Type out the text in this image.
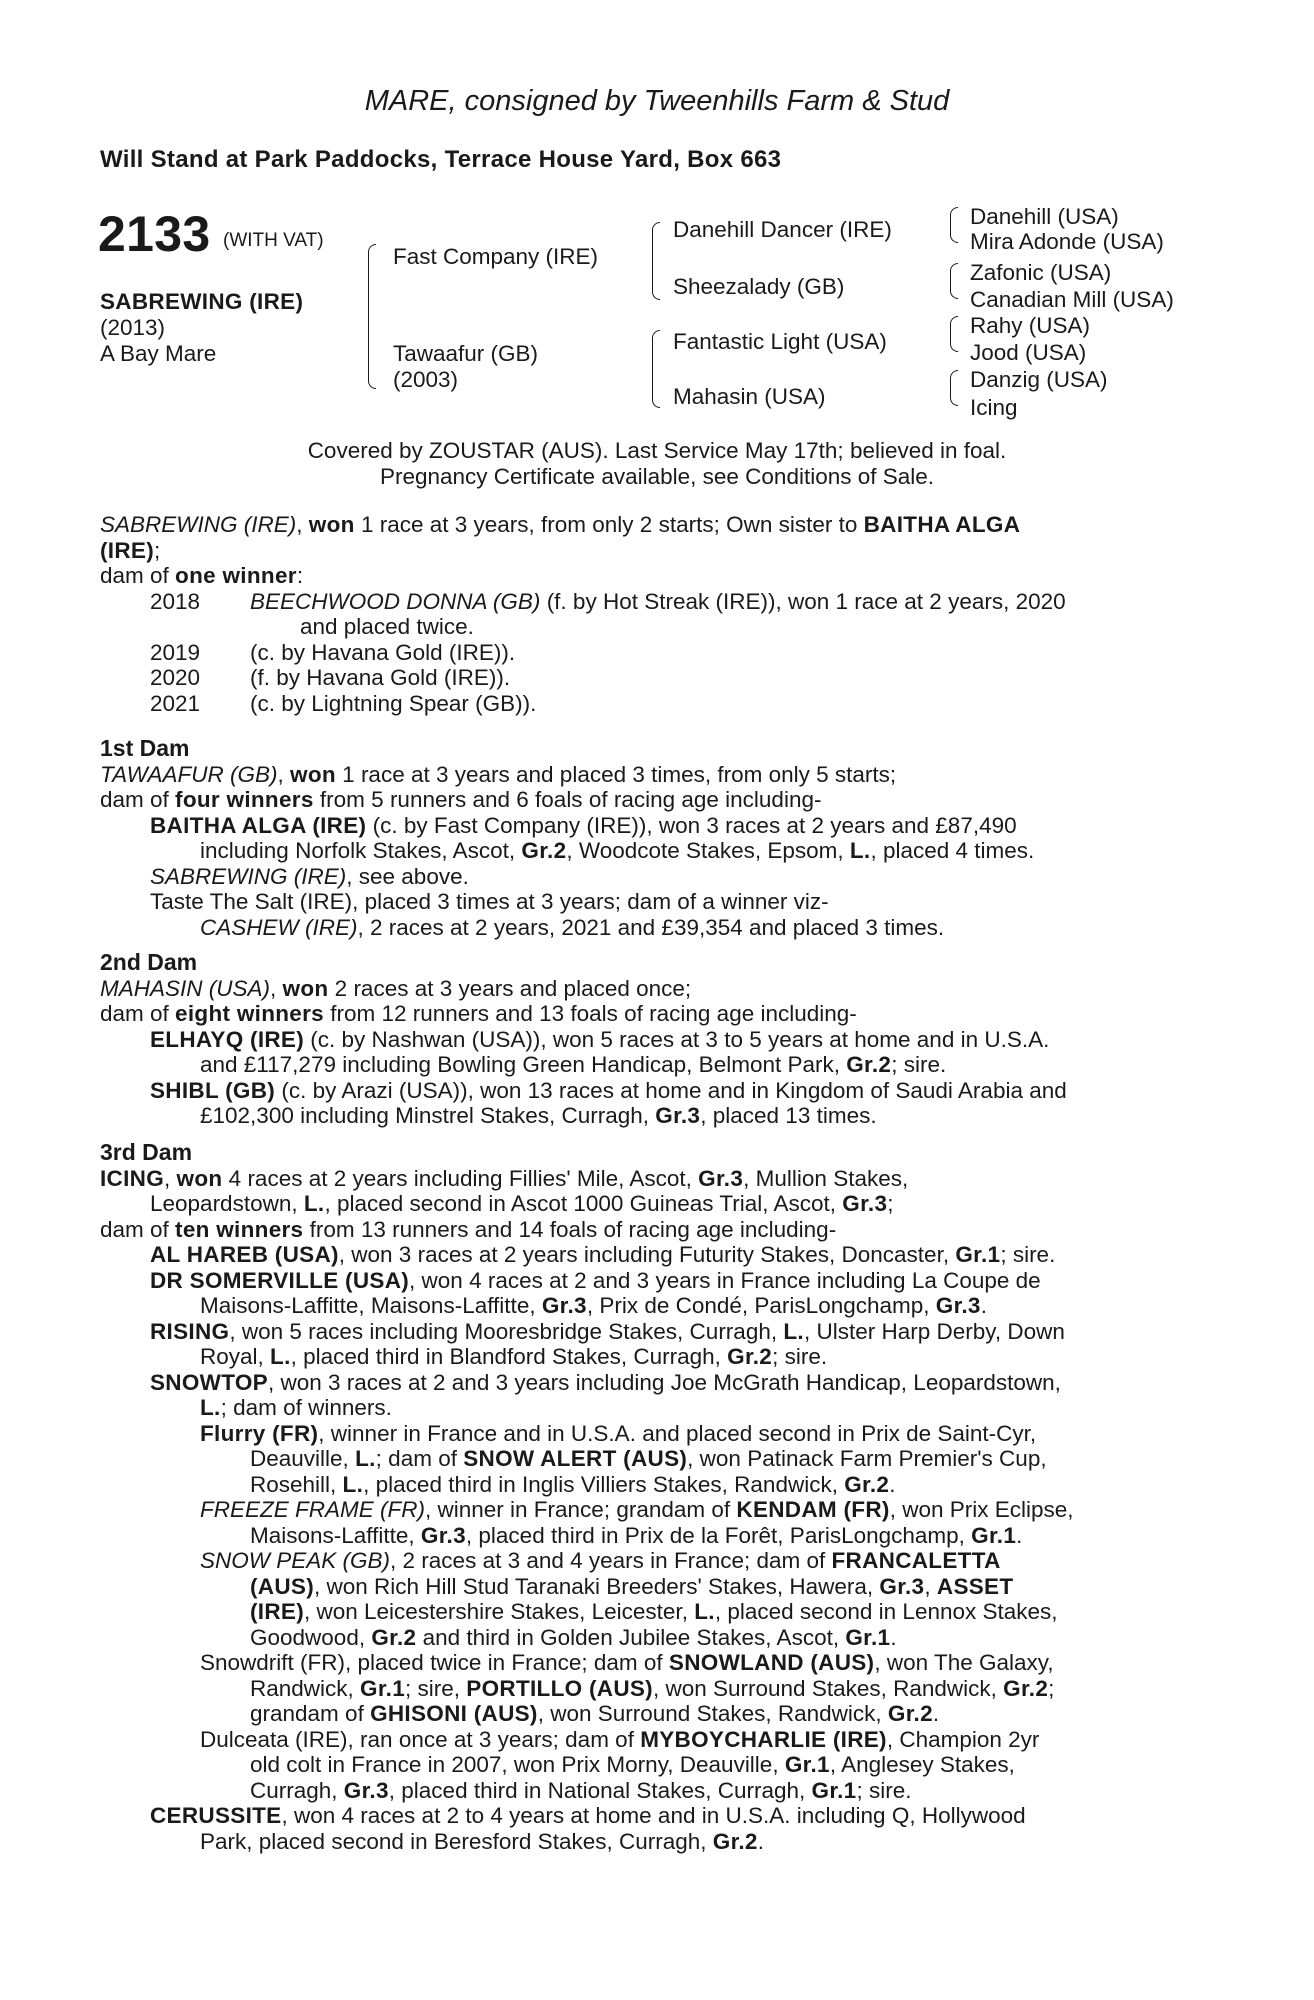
MARE, consigned by Tweenhills Farm & Stud
Will Stand at Park Paddocks, Terrace House Yard, Box 663
2133 (WITH VAT)
SABREWING (IRE)
(2013)
A Bay Mare
Fast Company (IRE)
Tawaafur (GB)
(2003)
Danehill Dancer (IRE)
Sheezalady (GB)
Fantastic Light (USA)
Mahasin (USA)
Danehill (USA)
Mira Adonde (USA)
Zafonic (USA)
Canadian Mill (USA)
Rahy (USA)
Jood (USA)
Danzig (USA)
Icing
Covered by ZOUSTAR (AUS). Last Service May 17th; believed in foal.
Pregnancy Certificate available, see Conditions of Sale.
SABREWING (IRE), won 1 race at 3 years, from only 2 starts; Own sister to BAITHA ALGA
(IRE);
dam of one winner:
2018 BEECHWOOD DONNA (GB) (f. by Hot Streak (IRE)), won 1 race at 2 years, 2020
and placed twice.
2019 (c. by Havana Gold (IRE)).
2020 (f. by Havana Gold (IRE)).
2021 (c. by Lightning Spear (GB)).
1st Dam
TAWAAFUR (GB), won 1 race at 3 years and placed 3 times, from only 5 starts;
dam of four winners from 5 runners and 6 foals of racing age including-
BAITHA ALGA (IRE) (c. by Fast Company (IRE)), won 3 races at 2 years and £87,490
including Norfolk Stakes, Ascot, Gr.2, Woodcote Stakes, Epsom, L., placed 4 times.
SABREWING (IRE), see above.
Taste The Salt (IRE), placed 3 times at 3 years; dam of a winner viz-
CASHEW (IRE), 2 races at 2 years, 2021 and £39,354 and placed 3 times.
2nd Dam
MAHASIN (USA), won 2 races at 3 years and placed once;
dam of eight winners from 12 runners and 13 foals of racing age including-
ELHAYQ (IRE) (c. by Nashwan (USA)), won 5 races at 3 to 5 years at home and in U.S.A.
and £117,279 including Bowling Green Handicap, Belmont Park, Gr.2; sire.
SHIBL (GB) (c. by Arazi (USA)), won 13 races at home and in Kingdom of Saudi Arabia and
£102,300 including Minstrel Stakes, Curragh, Gr.3, placed 13 times.
3rd Dam
ICING, won 4 races at 2 years including Fillies' Mile, Ascot, Gr.3, Mullion Stakes,
Leopardstown, L., placed second in Ascot 1000 Guineas Trial, Ascot, Gr.3;
dam of ten winners from 13 runners and 14 foals of racing age including-
AL HAREB (USA), won 3 races at 2 years including Futurity Stakes, Doncaster, Gr.1; sire.
DR SOMERVILLE (USA), won 4 races at 2 and 3 years in France including La Coupe de
Maisons-Laffitte, Maisons-Laffitte, Gr.3, Prix de Condé, ParisLongchamp, Gr.3.
RISING, won 5 races including Mooresbridge Stakes, Curragh, L., Ulster Harp Derby, Down
Royal, L., placed third in Blandford Stakes, Curragh, Gr.2; sire.
SNOWTOP, won 3 races at 2 and 3 years including Joe McGrath Handicap, Leopardstown,
L.; dam of winners.
Flurry (FR), winner in France and in U.S.A. and placed second in Prix de Saint-Cyr,
Deauville, L.; dam of SNOW ALERT (AUS), won Patinack Farm Premier's Cup,
Rosehill, L., placed third in Inglis Villiers Stakes, Randwick, Gr.2.
FREEZE FRAME (FR), winner in France; grandam of KENDAM (FR), won Prix Eclipse,
Maisons-Laffitte, Gr.3, placed third in Prix de la Forêt, ParisLongchamp, Gr.1.
SNOW PEAK (GB), 2 races at 3 and 4 years in France; dam of FRANCALETTA
(AUS), won Rich Hill Stud Taranaki Breeders' Stakes, Hawera, Gr.3, ASSET
(IRE), won Leicestershire Stakes, Leicester, L., placed second in Lennox Stakes,
Goodwood, Gr.2 and third in Golden Jubilee Stakes, Ascot, Gr.1.
Snowdrift (FR), placed twice in France; dam of SNOWLAND (AUS), won The Galaxy,
Randwick, Gr.1; sire, PORTILLO (AUS), won Surround Stakes, Randwick, Gr.2;
grandam of GHISONI (AUS), won Surround Stakes, Randwick, Gr.2.
Dulceata (IRE), ran once at 3 years; dam of MYBOYCHARLIE (IRE), Champion 2yr
old colt in France in 2007, won Prix Morny, Deauville, Gr.1, Anglesey Stakes,
Curragh, Gr.3, placed third in National Stakes, Curragh, Gr.1; sire.
CERUSSITE, won 4 races at 2 to 4 years at home and in U.S.A. including Q, Hollywood
Park, placed second in Beresford Stakes, Curragh, Gr.2.
